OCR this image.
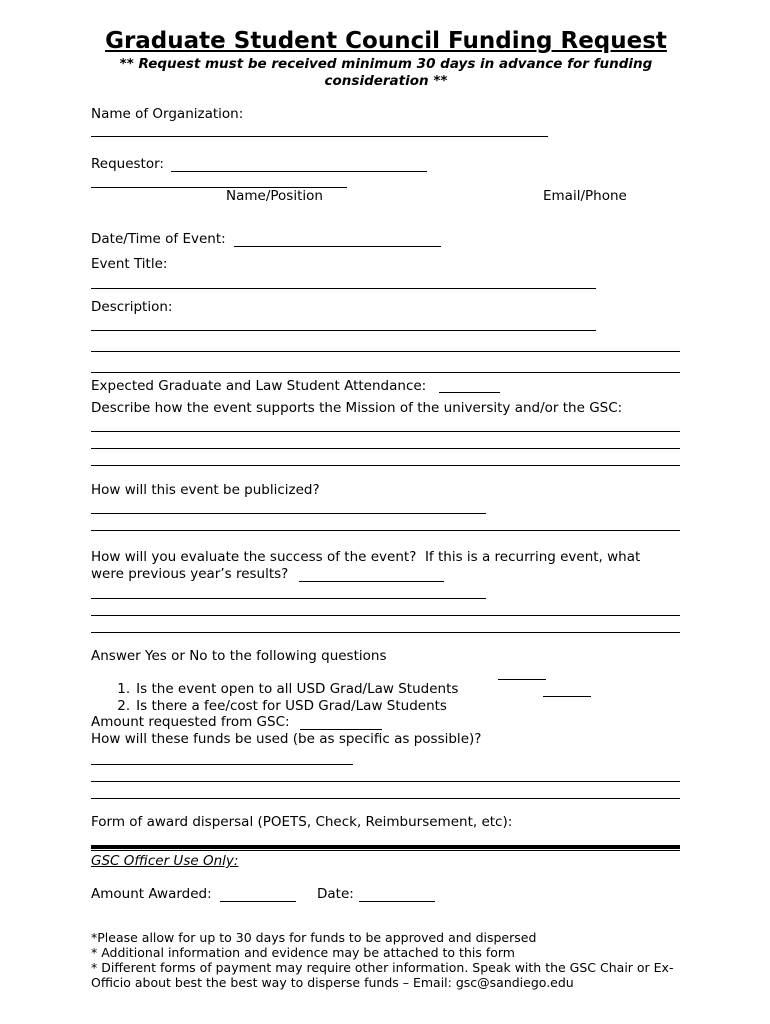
Graduate Student Council Funding Request
** Request must be received minimum 30 days in advance for funding consideration **
Name of Organization:
Requestor:
Name/Position	Email/Phone
Date/Time of Event:
Event Title:
Description:
Expected Graduate and Law Student Attendance:
Describe how the event supports the Mission of the university and/or the GSC:
How will this event be publicized?
How will you evaluate the success of the event?  If this is a recurring event, what
were previous year’s results?
Answer Yes or No to the following questions

1. Is the event open to all USD Grad/Law Students

2. Is there a fee/cost for USD Grad/Law Students

Amount requested from GSC:
How will these funds be used (be as specific as possible)?
Form of award dispersal (POETS, Check, Reimbursement, etc):
GSC Officer Use Only:
Amount Awarded:	Date:
*Please allow for up to 30 days for funds to be approved and dispersed
* Additional information and evidence may be attached to this form
* Different forms of payment may require other information. Speak with the GSC Chair or Ex-
Officio about best the best way to disperse funds – Email: gsc@sandiego.edu
